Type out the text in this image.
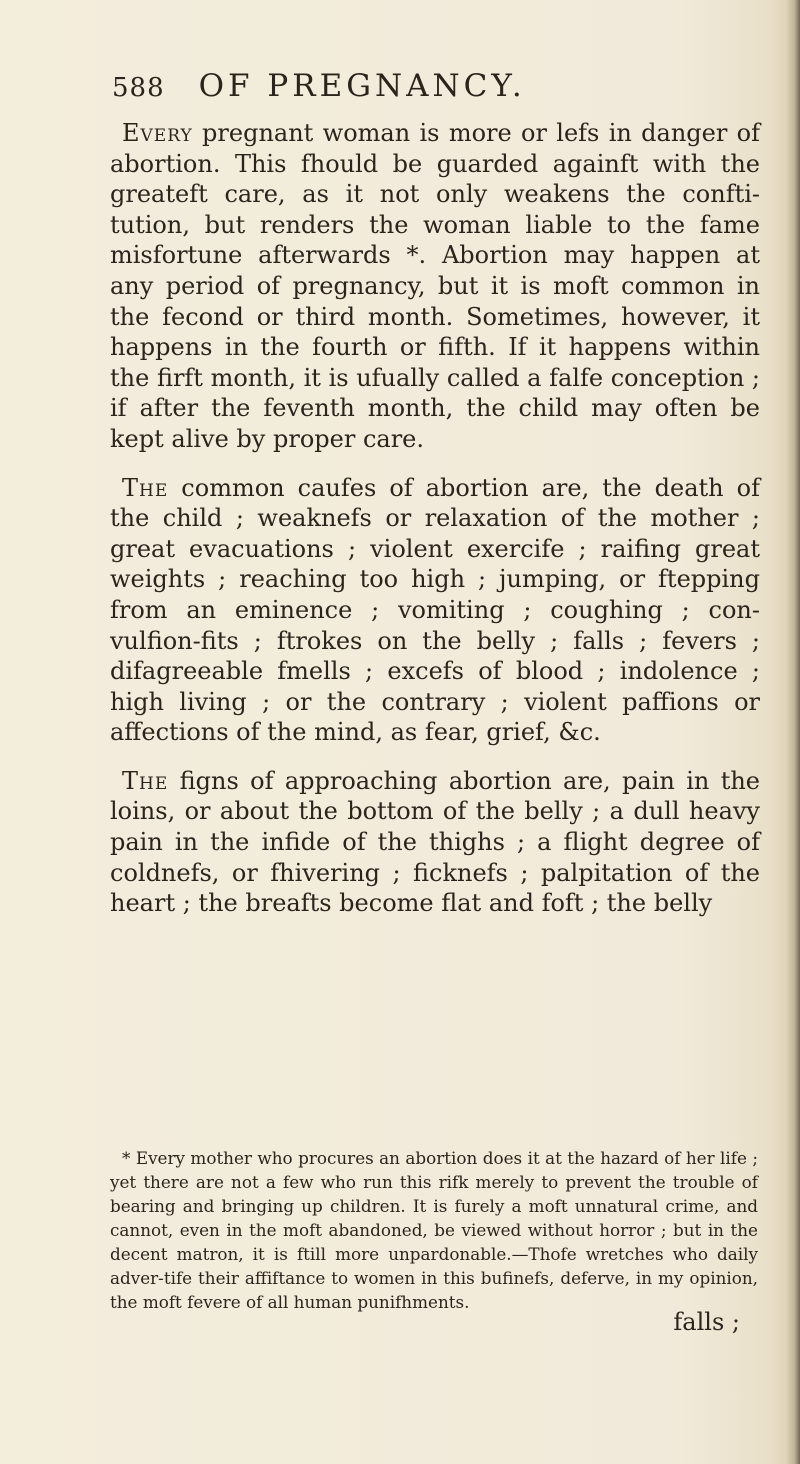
588 OF PREGNANCY.

Every pregnant woman is more or lefs in danger of abortion. This fhould be guarded againft with the greateft care, as it not only weakens the confti-tution, but renders the woman liable to the fame misfortune afterwards *. Abortion may happen at any period of pregnancy, but it is moft common in the fecond or third month. Sometimes, however, it happens in the fourth or fifth. If it happens within the firft month, it is ufually called a falfe conception ; if after the feventh month, the child may often be kept alive by proper care.

The common caufes of abortion are, the death of the child ; weaknefs or relaxation of the mother ; great evacuations ; violent exercife ; raifing great weights ; reaching too high ; jumping, or ftepping from an eminence ; vomiting ; coughing ; con-vulfion-fits ; ftrokes on the belly ; falls ; fevers ; difagreeable fmells ; excefs of blood ; indolence ; high living ; or the contrary ; violent paffions or affections of the mind, as fear, grief, &c.

The figns of approaching abortion are, pain in the loins, or about the bottom of the belly ; a dull heavy pain in the infide of the thighs ; a flight degree of coldnefs, or fhivering ; ficknefs ; palpitation of the heart ; the breafts become flat and foft ; the belly

* Every mother who procures an abortion does it at the hazard of her life ; yet there are not a few who run this rifk merely to prevent the trouble of bearing and bringing up children. It is furely a moft unnatural crime, and cannot, even in the moft abandoned, be viewed without horror ; but in the decent matron, it is ftill more unpardonable.—Thofe wretches who daily adver-tife their affiftance to women in this bufinefs, deferve, in my opinion, the moft fevere of all human punifhments.

falls ;
